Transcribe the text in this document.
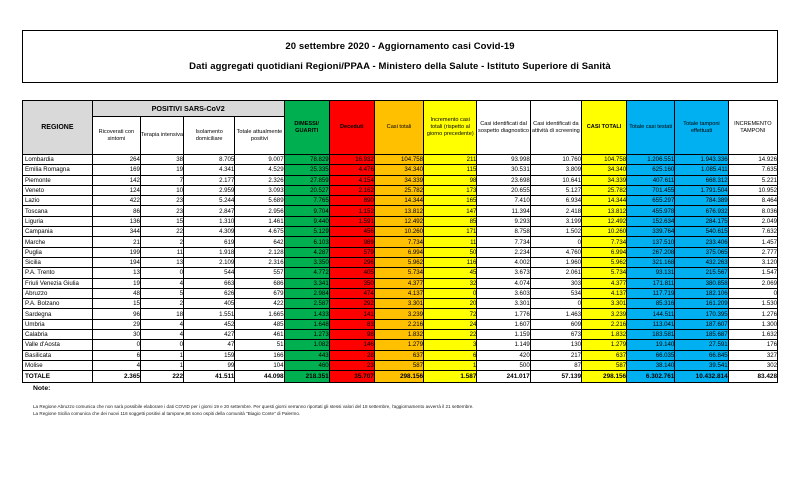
20 settembre 2020 - Aggiornamento casi Covid-19
Dati aggregati quotidiani Regioni/PPAA - Ministero della Salute - Istituto Superiore di Sanità
REGIONE	POSITIVI SARS-CoV2				DIMESSI/ GUARITI	Deceduti	Casi totali	Incremento casi totali (rispetto al giorno precedente)	Casi identificati dal sospetto diagnostico	Casi identificati da attività di screening	CASI TOTALI	Totale casi testati	Totale tamponi effettuati	INCREMENTO TAMPONI
	Ricoverati con sintomi	Terapia intensiva	Isolamento domiciliare	Totale attualmente positivi										
Lombardia	264	38	8.705	9.007	78.829	16.932	104.758	211	93.998	10.760	104.758	1.206.551	1.943.336	14.926
Emilia Romagna	169	19	4.341	4.529	25.335	4.476	34.340	115	30.531	3.809	34.340	625.160	1.085.411	7.635
Piemonte	142	7	2.177	2.326	27.859	4.154	34.339	98	23.698	10.641	34.339	407.611	668.312	5.221
Veneto	124	10	2.959	3.093	20.527	2.162	25.782	173	20.655	5.127	25.782	701.455	1.791.504	10.952
Lazio	422	23	5.244	5.689	7.765	890	14.344	165	7.410	6.934	14.344	655.297	784.389	8.464
Toscana	86	23	2.847	2.956	9.704	1.152	13.812	147	11.394	2.418	13.812	455.978	676.932	8.036
Liguria	136	15	1.310	1.461	9.440	1.591	12.492	85	9.293	3.199	12.492	152.634	284.175	2.049
Campania	344	22	4.309	4.675	5.129	456	10.260	171	8.758	1.502	10.260	339.764	540.615	7.632
Marche	21	2	619	642	6.103	989	7.734	11	7.734	0	7.734	137.510	233.406	1.457
Puglia	199	11	1.918	2.128	4.287	579	6.994	50	2.234	4.760	6.994	267.208	375.065	2.777
Sicilia	194	13	2.109	2.316	3.350	296	5.962	116	4.002	1.960	5.962	321.168	432.263	3.120
P.A. Trento	13	0	544	557	4.772	405	5.734	45	3.673	2.061	5.734	93.131	215.567	1.547
Friuli Venezia Giulia	19	4	663	686	3.341	350	4.377	32	4.074	303	4.377	171.811	380.858	2.069
Abruzzo	48	5	626	679	2.984	474	4.137	0	3.603	534	4.137	117.719	182.106	0
P.A. Bolzano	15	2	405	422	2.587	292	3.301	20	3.301	0	3.301	85.316	161.209	1.530
Sardegna	96	18	1.551	1.665	1.433	141	3.239	72	1.776	1.463	3.239	144.511	170.395	1.276
Umbria	29	4	452	485	1.648	83	2.216	24	1.607	609	2.216	113.041	187.607	1.300
Calabria	30	4	427	461	1.273	98	1.832	22	1.159	673	1.832	183.581	185.687	1.632
Valle d'Aosta	0	0	47	51	1.082	146	1.279	3	1.149	130	1.279	19.140	27.591	176
Basilicata	6	1	159	166	443	28	637	6	420	217	637	66.035	66.845	327
Molise	4	1	99	104	460	23	587	1	500	87	587	38.140	39.541	302
TOTALE	2.365	222	41.511	44.098	218.351	35.707	298.156	1.587	241.017	57.139	298.156	6.302.761	10.432.814	83.428
Note:
La Regione Abruzzo comunica che non sarà possibile elaborare i dati COVID per i giorni 19 e 20 settembre. Per questi giorni verranno riportati gli stessi valori del 18 settembre, l'aggiornamento avverrà il 21 settembre.
La Regione Sicilia comunica che dei nuovi 116 soggetti positivi al tampone,66 sono ospiti della comunità "Biagio Conte" di Palermo.
